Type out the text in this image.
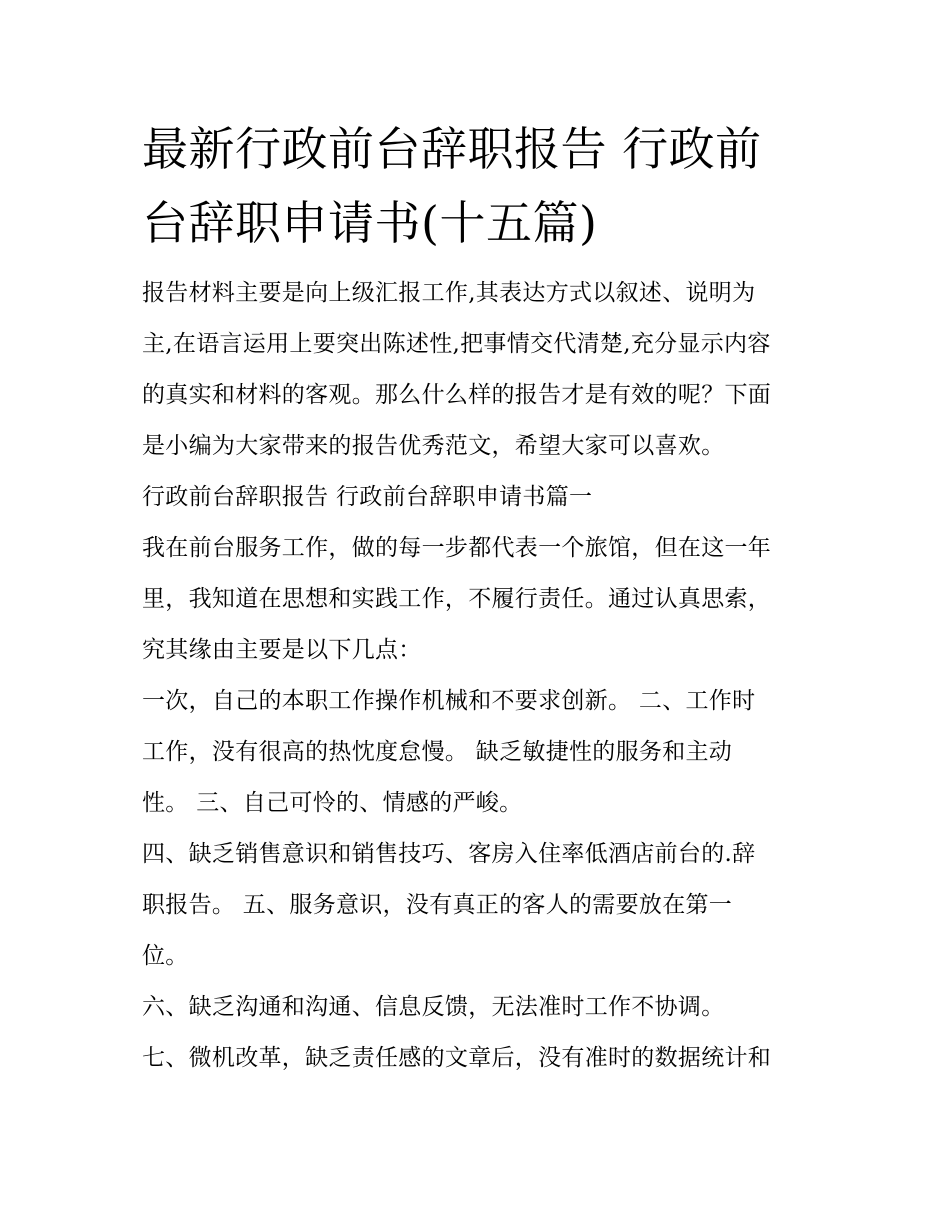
最新行政前台辞职报告 行政前
台辞职申请书(十五篇)
报告材料主要是向上级汇报工作,其表达方式以叙述、说明为
主,在语言运用上要突出陈述性,把事情交代清楚,充分显示内容
的真实和材料的客观。那么什么样的报告才是有效的呢？下面
是小编为大家带来的报告优秀范文，希望大家可以喜欢。
行政前台辞职报告 行政前台辞职申请书篇一
我在前台服务工作，做的每一步都代表一个旅馆，但在这一年
里，我知道在思想和实践工作，不履行责任。通过认真思索，
究其缘由主要是以下几点：
一次，自己的本职工作操作机械和不要求创新。 二、工作时
工作，没有很高的热忱度怠慢。 缺乏敏捷性的服务和主动
性。 三、自己可怜的、情感的严峻。
四、缺乏销售意识和销售技巧、客房入住率低酒店前台的.辞
职报告。 五、服务意识，没有真正的客人的需要放在第一
位。
六、缺乏沟通和沟通、信息反馈，无法准时工作不协调。
七、微机改革，缺乏责任感的文章后，没有准时的数据统计和
